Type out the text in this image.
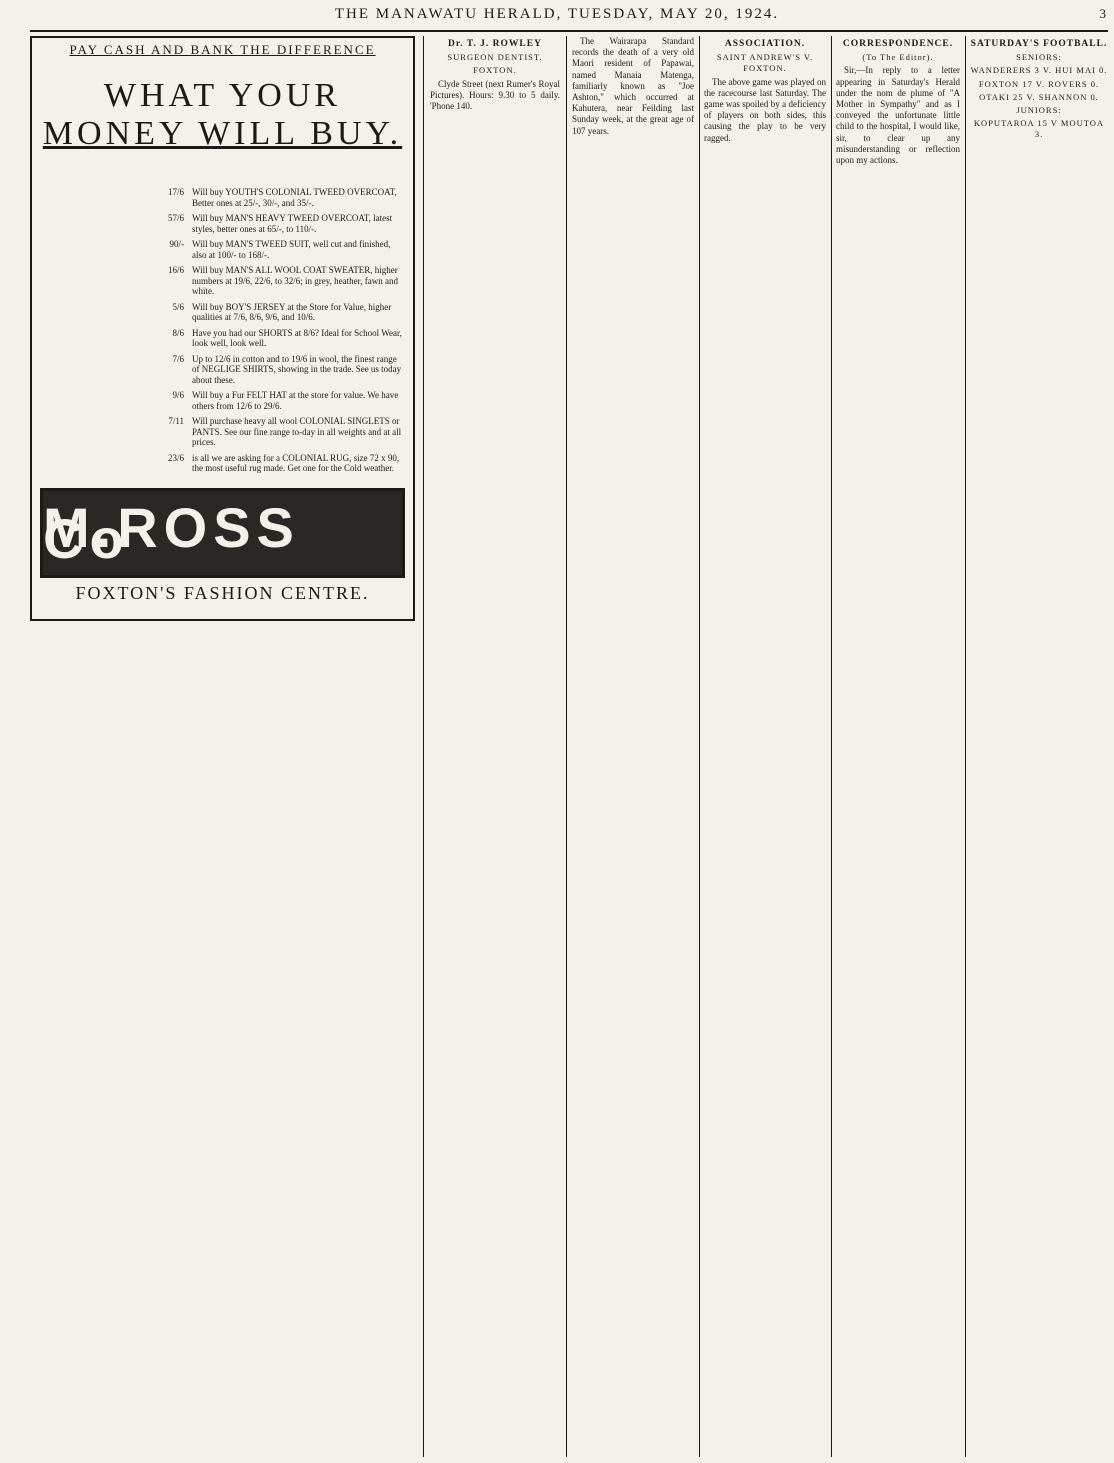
THE MANAWATU HERALD, TUESDAY, MAY 20, 1924.	3
PAY CASH AND BANK THE DIFFERENCE
WHAT YOUR
MONEY WILL BUY.
17/6 Will buy YOUTH'S COLONIAL TWEED OVERCOAT, Better ones at 25/-, 30/-, and 35/-.
57/6 Will buy MAN'S HEAVY TWEED OVERCOAT, latest styles, better ones at 65/-, to 110/-.
90/- Will buy MAN'S TWEED SUIT, well cut and finished, also at 100/- to 168/-.
16/6 Will buy MAN'S ALL WOOL COAT SWEATER, higher numbers at 19/6, 22/6, to 32/6; in grey, heather, fawn and white.
5/6 Will buy BOY'S JERSEY at the Store for Value, higher qualities at 7/6, 8/6, 9/6, and 10/6.
8/6 Have you had our SHORTS at 8/6? Ideal for School Wear, look well, look well.
7/6 Up to 12/6 in cotton and to 19/6 in wool, the finest range of NEGLIGE SHIRTS, showing in the trade. See us today about these.
9/6 Will buy a Fur FELT HAT at the store for value. We have others from 12/6 to 29/6.
7/11 Will purchase heavy all wool COLONIAL SINGLETS or PANTS. See our fine range to-day in all weights and at all prices.
23/6 is all we are asking for a COLONIAL RUG, size 72 x 90, the most useful rug made. Get one for the Cold weather.
M.ROSS Co
FOXTON'S FASHION CENTRE.
Dr. T. J. ROWLEY
SURGEON DENTIST.
FOXTON.

Clyde Street (next Rumer's Royal Pictures). Hours: 9.30 to 5 daily. 'Phone 140.

The Wairarapa Standard records the death of a very old Maori resident of Papawai, named Manaia Matenga, familiarly known as "Joe Ashton," which occurred at Kahutera, near Feilding last Sunday week, at the great age of 107 years.

ASSOCIATION.
SAINT ANDREW'S V. FOXTON.

The above game was played on the racecourse last Saturday. The game was spoiled by a deficiency of players on both sides, this causing the play to be very ragged.

CORRESPONDENCE.
(To The Editor).

Sir,—In reply to a letter appearing in Saturday's Herald under the nom de plume of "A Mother in Sympathy" and as I conveyed the unfortunate little child to the hospital, I would like, sir, to clear up any misunderstanding or reflection upon my actions.

SATURDAY'S FOOTBALL.
SENIORS:
WANDERERS 3 V. HUI MAI 0.
FOXTON 17 V. ROVERS 0.
OTAKI 25 V. SHANNON 0.
JUNIORS:
KOPUTAROA 15 V MOUTOA 3.
